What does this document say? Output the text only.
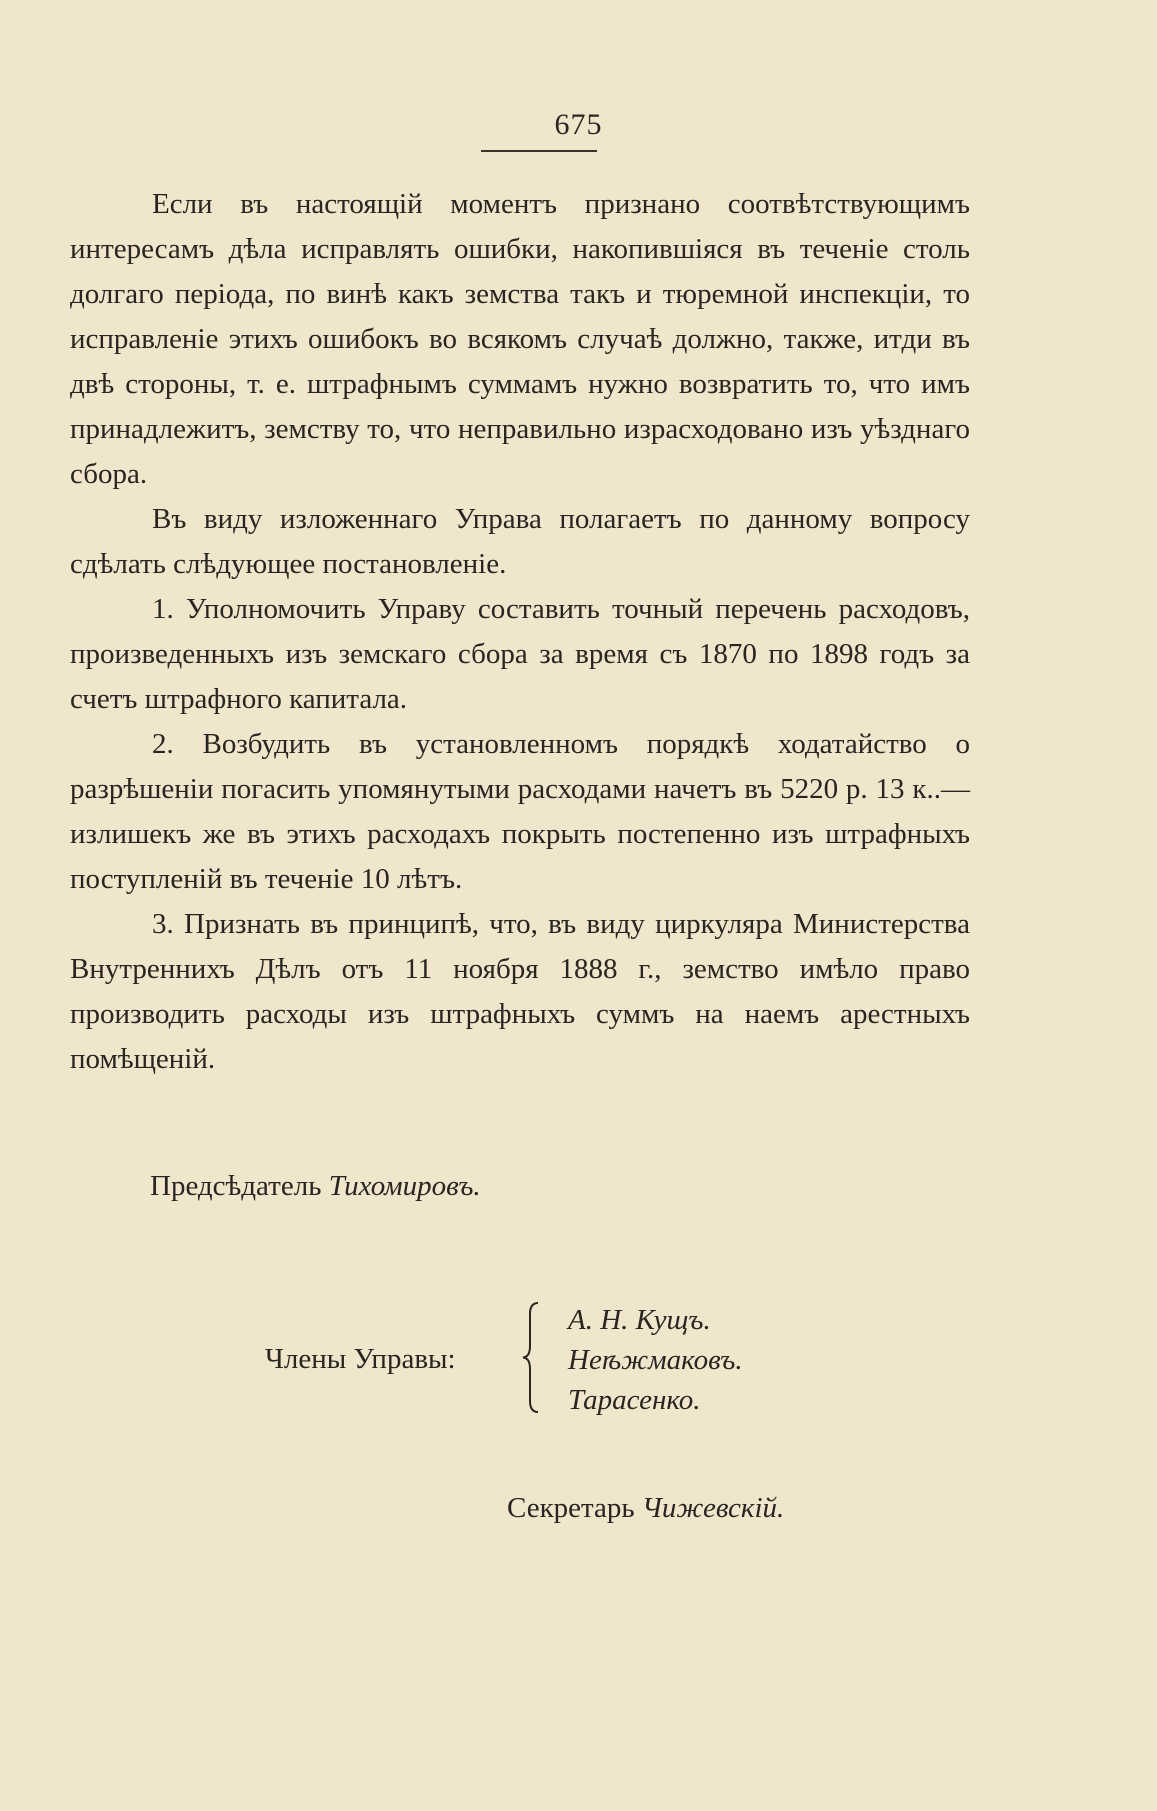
675

Если въ настоящій моментъ признано соотвѣтствующимъ интересамъ дѣла исправлять ошибки, накопившіяся въ теченіе столь долгаго періода, по винѣ какъ земства такъ и тюремной инспекціи, то исправленіе этихъ ошибокъ во всякомъ случаѣ должно, также, итди въ двѣ стороны, т. е. штрафнымъ суммамъ нужно возвратить то, что имъ принадлежитъ, земству то, что неправильно израсходовано изъ уѣзднаго сбора.

Въ виду изложеннаго Управа полагаетъ по данному вопросу сдѣлать слѣдующее постановленіе.

1. Уполномочить Управу составить точный перечень расходовъ, произведенныхъ изъ земскаго сбора за время съ 1870 по 1898 годъ за счетъ штрафного капитала.

2. Возбудить въ установленномъ порядкѣ ходатайство о разрѣшеніи погасить упомянутыми расходами начетъ въ 5220 р. 13 к..—излишекъ же въ этихъ расходахъ покрыть постепенно изъ штрафныхъ поступленій въ теченіе 10 лѣтъ.

3. Признать въ принципѣ, что, въ виду циркуляра Министерства Внутреннихъ Дѣлъ отъ 11 ноября 1888 г., земство имѣло право производить расходы изъ штрафныхъ суммъ на наемъ арестныхъ помѣщеній.

Предсѣдатель Тихомировъ.
Члены Управы:
А. Н. Кущъ.
Неѣжмаковъ.
Тарасенко.
Секретарь Чижевскій.
